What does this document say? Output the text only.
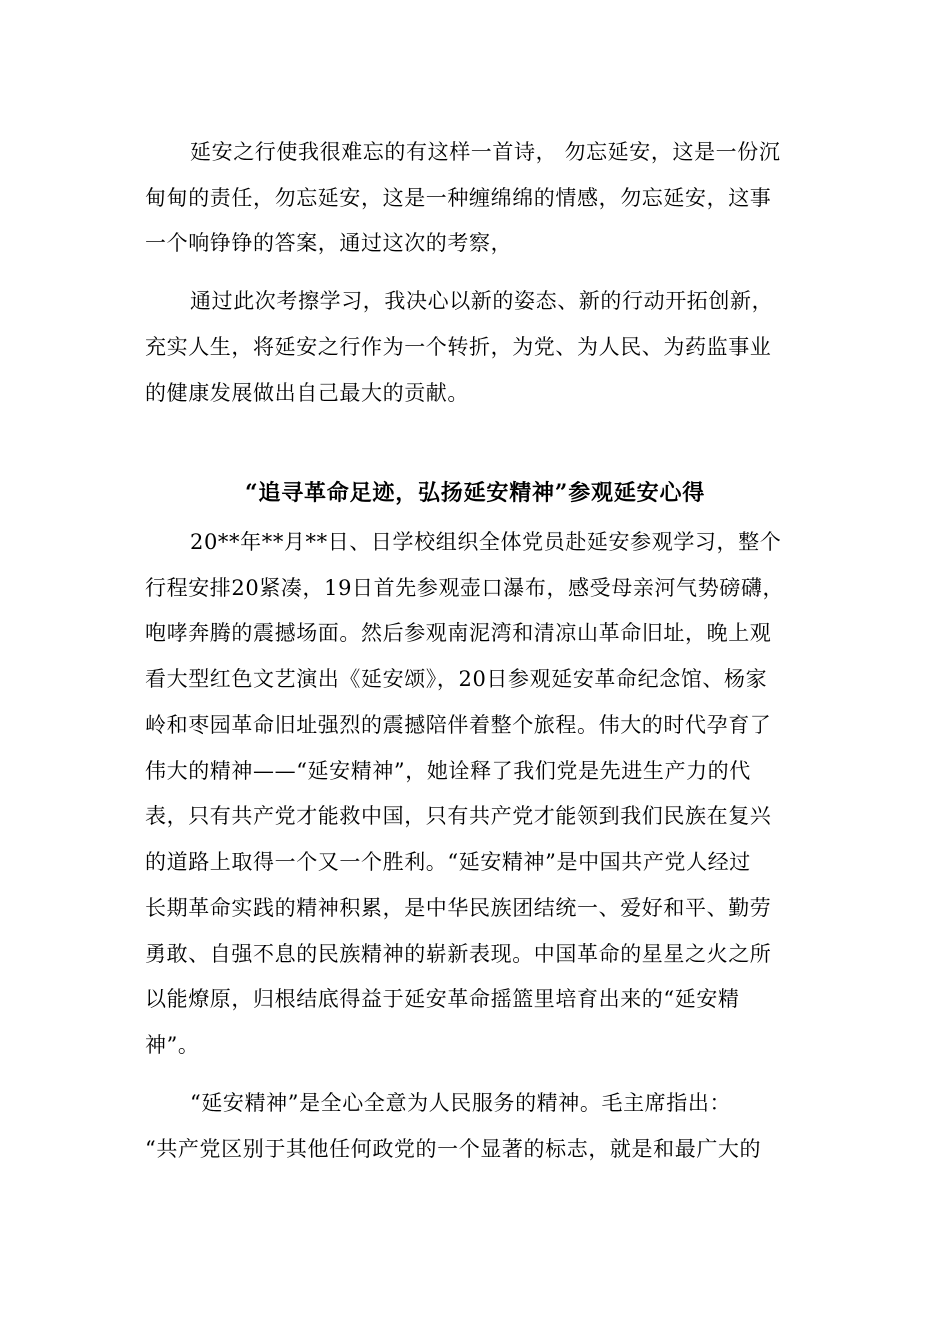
延安之行使我很难忘的有这样一首诗， 勿忘延安，这是一份沉
甸甸的责任，勿忘延安，这是一种缠绵绵的情感，勿忘延安，这事
一个响铮铮的答案，通过这次的考察，
通过此次考擦学习，我决心以新的姿态、新的行动开拓创新，
充实人生，将延安之行作为一个转折，为党、为人民、为药监事业
的健康发展做出自己最大的贡献。
“追寻革命足迹，弘扬延安精神”参观延安心得
20**年**月**日、日学校组织全体党员赴延安参观学习，整个
行程安排20紧凑，19日首先参观壶口瀑布，感受母亲河气势磅礴，
咆哮奔腾的震撼场面。然后参观南泥湾和清凉山革命旧址，晚上观
看大型红色文艺演出《延安颂》，20日参观延安革命纪念馆、杨家
岭和枣园革命旧址强烈的震撼陪伴着整个旅程。伟大的时代孕育了
伟大的精神——“延安精神”，她诠释了我们党是先进生产力的代
表，只有共产党才能救中国，只有共产党才能领到我们民族在复兴
的道路上取得一个又一个胜利。“延安精神”是中国共产党人经过
长期革命实践的精神积累，是中华民族团结统一、爱好和平、勤劳
勇敢、自强不息的民族精神的崭新表现。中国革命的星星之火之所
以能燎原，归根结底得益于延安革命摇篮里培育出来的“延安精
神”。
“延安精神”是全心全意为人民服务的精神。毛主席指出：
“共产党区别于其他任何政党的一个显著的标志，就是和最广大的
